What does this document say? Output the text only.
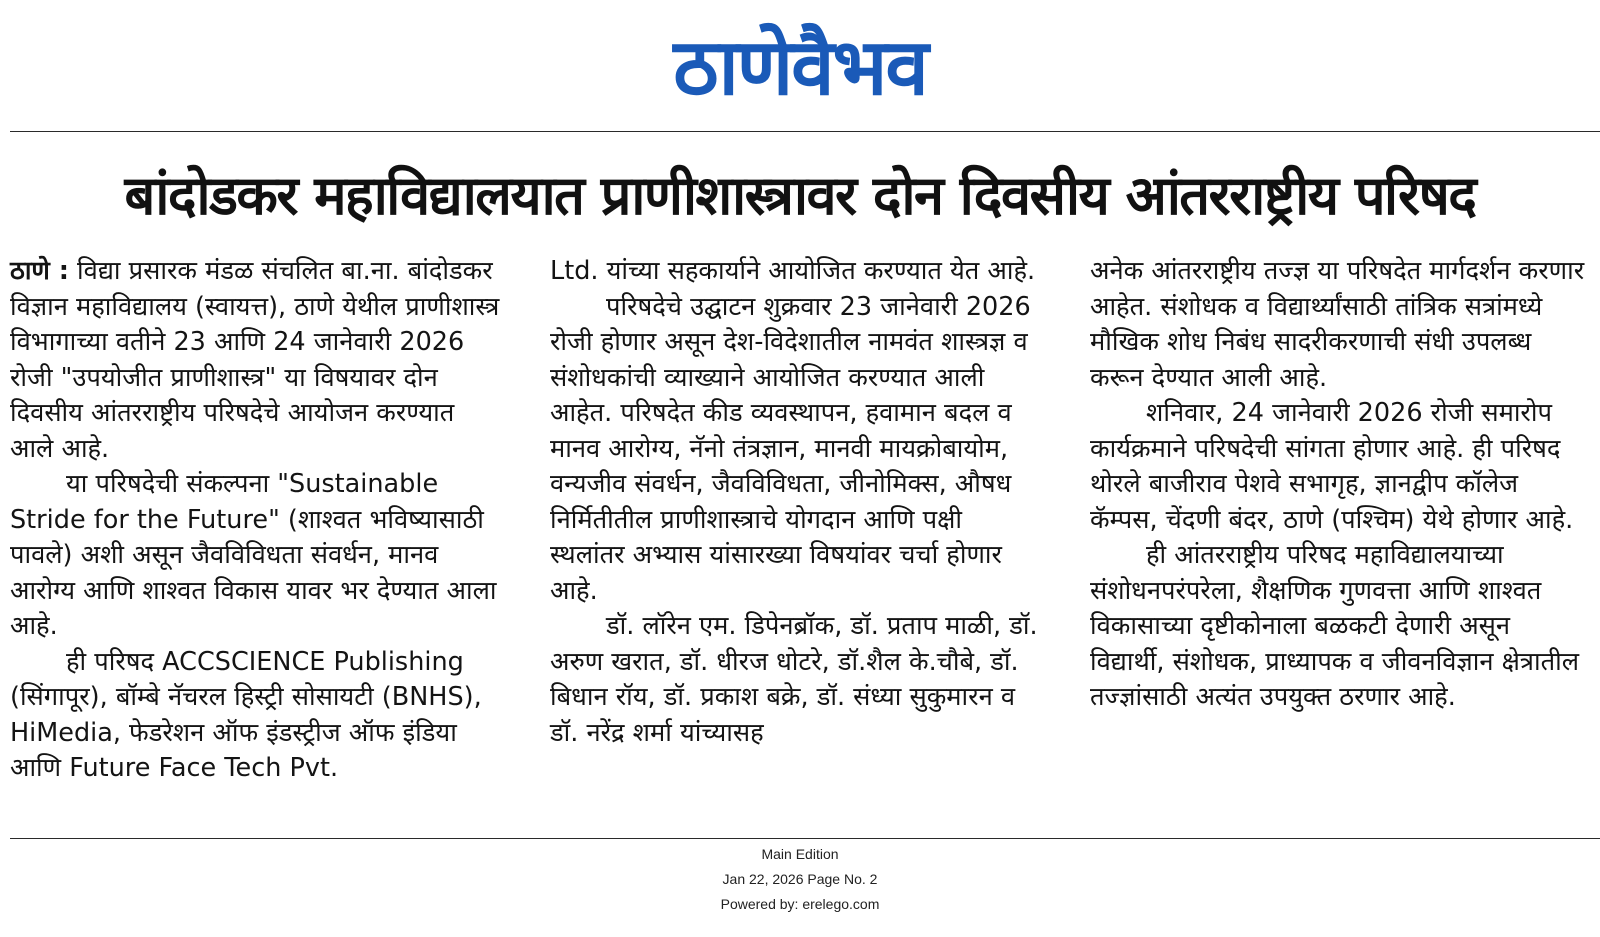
ठाणेवैभव
बांदोडकर महाविद्यालयात प्राणीशास्त्रावर दोन दिवसीय आंतरराष्ट्रीय परिषद

ठाणे : विद्या प्रसारक मंडळ संचलित बा.ना. बांदोडकर विज्ञान महाविद्यालय (स्वायत्त), ठाणे येथील प्राणीशास्त्र विभागाच्या वतीने 23 आणि 24 जानेवारी 2026 रोजी "उपयोजीत प्राणीशास्त्र" या विषयावर दोन दिवसीय आंतरराष्ट्रीय परिषदेचे आयोजन करण्यात आले आहे.

या परिषदेची संकल्पना "Sustainable Stride for the Future" (शाश्वत भविष्यासाठी पावले) अशी असून जैवविविधता संवर्धन, मानव आरोग्य आणि शाश्वत विकास यावर भर देण्यात आला आहे.

ही परिषद ACCSCIENCE Publishing (सिंगापूर), बॉम्बे नॅचरल हिस्ट्री सोसायटी (BNHS), HiMedia, फेडरेशन ऑफ इंडस्ट्रीज ऑफ इंडिया आणि Future Face Tech Pvt.

Ltd. यांच्या सहकार्याने आयोजित करण्यात येत आहे.

परिषदेचे उद्घाटन शुक्रवार 23 जानेवारी 2026 रोजी होणार असून देश-विदेशातील नामवंत शास्त्रज्ञ व संशोधकांची व्याख्याने आयोजित करण्यात आली आहेत. परिषदेत कीड व्यवस्थापन, हवामान बदल व मानव आरोग्य, नॅनो तंत्रज्ञान, मानवी मायक्रोबायोम, वन्यजीव संवर्धन, जैवविविधता, जीनोमिक्स, औषध निर्मितीतील प्राणीशास्त्राचे योगदान आणि पक्षी स्थलांतर अभ्यास यांसारख्या विषयांवर चर्चा होणार आहे.

डॉ. लॉरेन एम. डिपेनब्रॉक, डॉ. प्रताप माळी, डॉ. अरुण खरात, डॉ. धीरज धोटरे, डॉ.शैल के.चौबे, डॉ. बिधान रॉय, डॉ. प्रकाश बक्रे, डॉ. संध्या सुकुमारन व डॉ. नरेंद्र शर्मा यांच्यासह

अनेक आंतरराष्ट्रीय तज्ज्ञ या परिषदेत मार्गदर्शन करणार आहेत. संशोधक व विद्यार्थ्यांसाठी तांत्रिक सत्रांमध्ये मौखिक शोध निबंध सादरीकरणाची संधी उपलब्ध करून देण्यात आली आहे.

शनिवार, 24 जानेवारी 2026 रोजी समारोप कार्यक्रमाने परिषदेची सांगता होणार आहे. ही परिषद थोरले बाजीराव पेशवे सभागृह, ज्ञानद्वीप कॉलेज कॅम्पस, चेंदणी बंदर, ठाणे (पश्चिम) येथे होणार आहे.

ही आंतरराष्ट्रीय परिषद महाविद्यालयाच्या संशोधनपरंपरेला, शैक्षणिक गुणवत्ता आणि शाश्वत विकासाच्या दृष्टीकोनाला बळकटी देणारी असून विद्यार्थी, संशोधक, प्राध्यापक व जीवनविज्ञान क्षेत्रातील तज्ज्ञांसाठी अत्यंत उपयुक्त ठरणार आहे.

Main Edition
Jan 22, 2026 Page No. 2
Powered by: erelego.com
